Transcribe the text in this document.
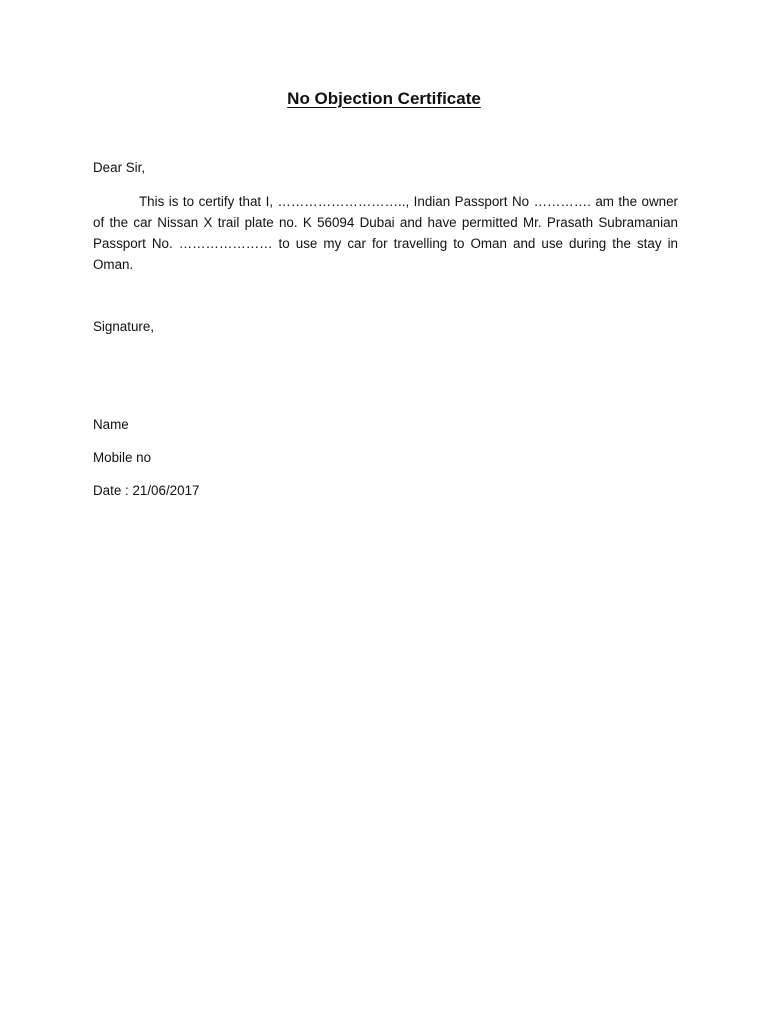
No Objection Certificate

Dear Sir,

This is to certify that I, ……………………….., Indian Passport No …………. am the owner of the car Nissan X trail plate no. K 56094 Dubai and have permitted Mr. Prasath Subramanian Passport No. ………………… to use my car for travelling to Oman and use during the stay in Oman.

Signature,

Name

Mobile no

Date : 21/06/2017
